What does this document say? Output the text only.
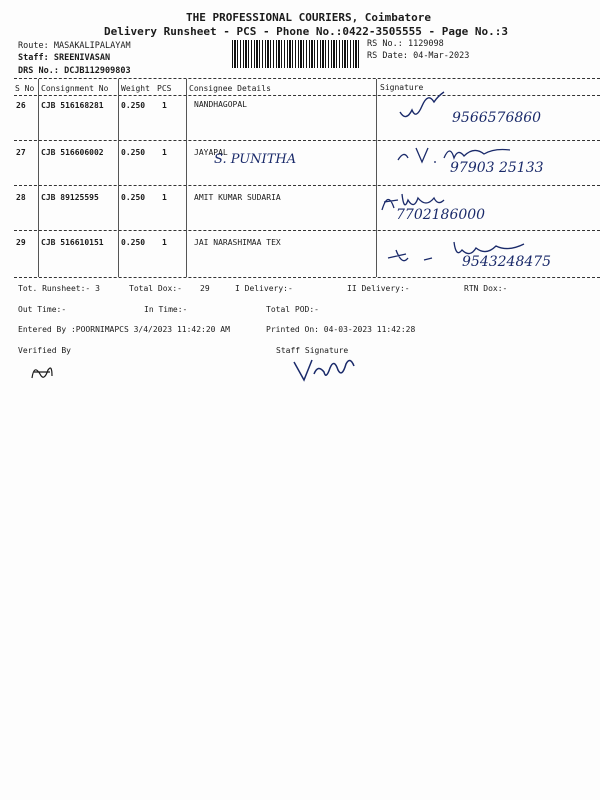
THE PROFESSIONAL COURIERS, Coimbatore
Delivery Runsheet - PCS - Phone No.:0422-3505555 - Page No.:3
Route: MASAKALIPALAYAM
Staff: SREENIVASAN
DRS No.: DCJB112909803
RS No.: 1129098
RS Date: 04-Mar-2023
S No Consignment No Weight PCS Consignee Details	Signature
26 CJB 516168281 0.250 1	NANDHAGOPAL
9566576860
27 CJB 516606002 0.250 1	JAYAPAL
S. PUNITHA
97903 25133
28 CJB 89125595	0.250 1	AMIT KUMAR SUDARIA
7702186000
29 CJB 516610151 0.250 1	JAI NARASHIMAA TEX
9543248475
Tot. Runsheet:- 3	Total Dox:- 29	I Delivery:-	II Delivery:-	RTN Dox:-
Out Time:-	In Time:-	Total POD:-
Entered By :POORNIMAPCS 3/4/2023 11:42:20 AM	Printed On: 04-03-2023 11:42:28
Verified By	Staff Signature
